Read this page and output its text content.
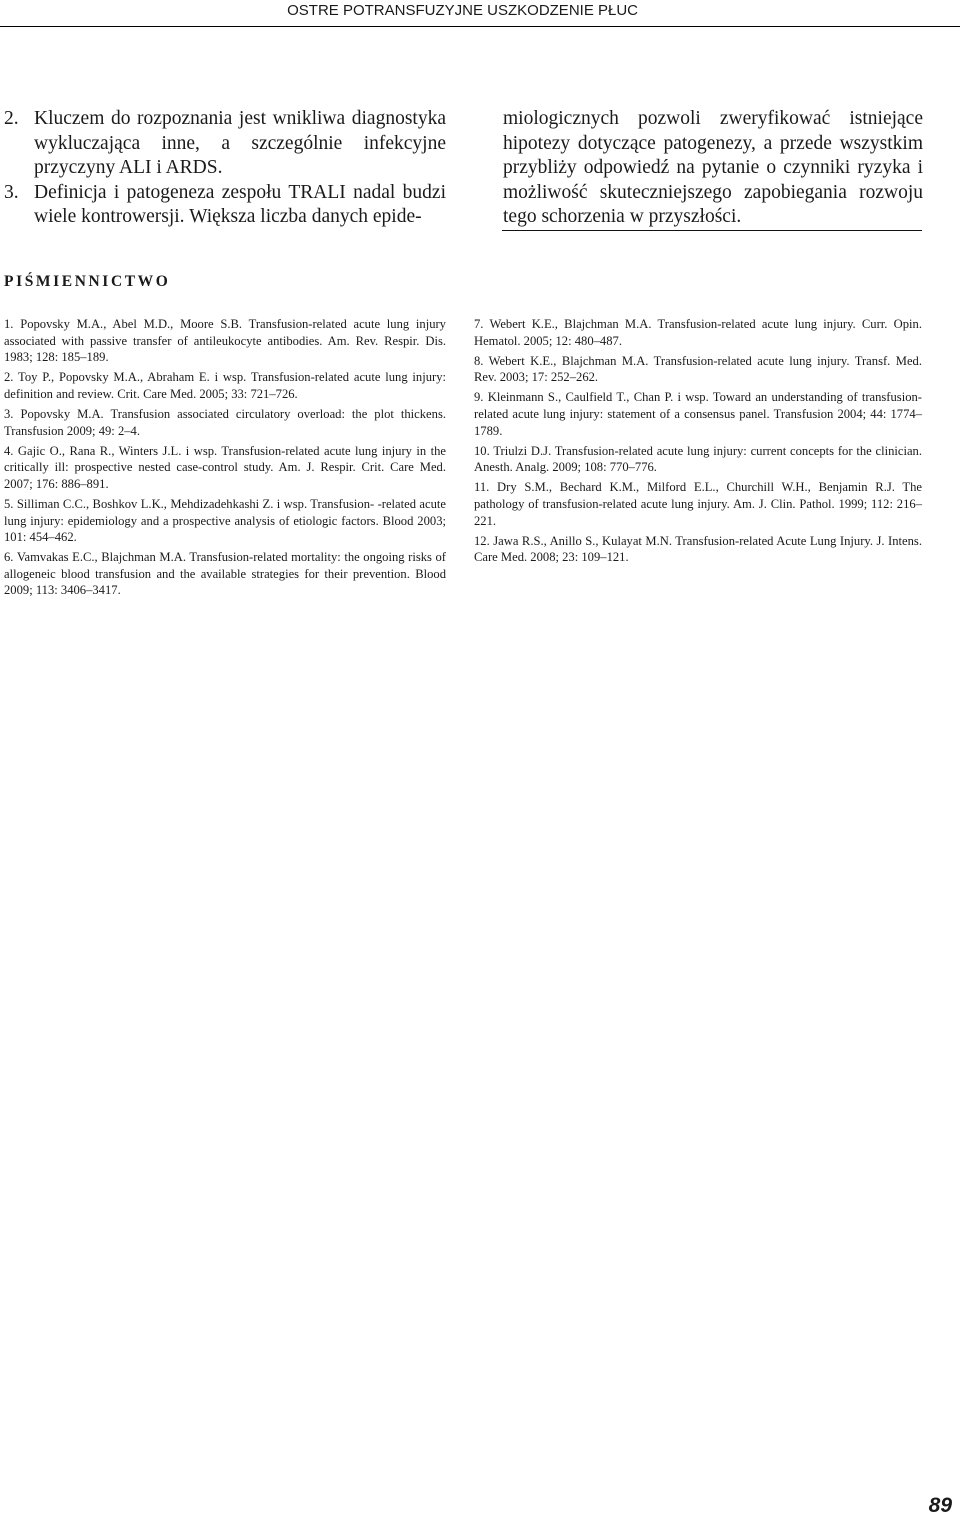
OSTRE POTRANSFUZYJNE USZKODZENIE PŁUC
2. Kluczem do rozpoznania jest wnikliwa diagnostyka wykluczająca inne, a szczególnie infekcyjne przyczyny ALI i ARDS.
3. Definicja i patogeneza zespołu TRALI nadal budzi wiele kontrowersji. Większa liczba danych epide-

miologicznych pozwoli zweryfikować istniejące hipotezy dotyczące patogenezy, a przede wszystkim przybliży odpowiedź na pytanie o czynniki ryzyka i możliwość skuteczniejszego zapobiegania rozwoju tego schorzenia w przyszłości.

PIŚMIENNICTWO

1. Popovsky M.A., Abel M.D., Moore S.B. Transfusion-related acute lung injury associated with passive transfer of antileukocyte antibodies. Am. Rev. Respir. Dis. 1983; 128: 185–189.

2. Toy P., Popovsky M.A., Abraham E. i wsp. Transfusion-related acute lung injury: definition and review. Crit. Care Med. 2005; 33: 721–726.

3. Popovsky M.A. Transfusion associated circulatory overload: the plot thickens. Transfusion 2009; 49: 2–4.

4. Gajic O., Rana R., Winters J.L. i wsp. Transfusion-related acute lung injury in the critically ill: prospective nested case-control study. Am. J. Respir. Crit. Care Med. 2007; 176: 886–891.

5. Silliman C.C., Boshkov L.K., Mehdizadehkashi Z. i wsp. Transfusion- -related acute lung injury: epidemiology and a prospective analysis of etiologic factors. Blood 2003; 101: 454–462.

6. Vamvakas E.C., Blajchman M.A. Transfusion-related mortality: the ongoing risks of allogeneic blood transfusion and the available strategies for their prevention. Blood 2009; 113: 3406–3417.

7. Webert K.E., Blajchman M.A. Transfusion-related acute lung injury. Curr. Opin. Hematol. 2005; 12: 480–487.

8. Webert K.E., Blajchman M.A. Transfusion-related acute lung injury. Transf. Med. Rev. 2003; 17: 252–262.

9. Kleinmann S., Caulfield T., Chan P. i wsp. Toward an understanding of transfusion-related acute lung injury: statement of a consensus panel. Transfusion 2004; 44: 1774–1789.

10. Triulzi D.J. Transfusion-related acute lung injury: current concepts for the clinician. Anesth. Analg. 2009; 108: 770–776.

11. Dry S.M., Bechard K.M., Milford E.L., Churchill W.H., Benjamin R.J. The pathology of transfusion-related acute lung injury. Am. J. Clin. Pathol. 1999; 112: 216–221.

12. Jawa R.S., Anillo S., Kulayat M.N. Transfusion-related Acute Lung Injury. J. Intens. Care Med. 2008; 23: 109–121.

89
